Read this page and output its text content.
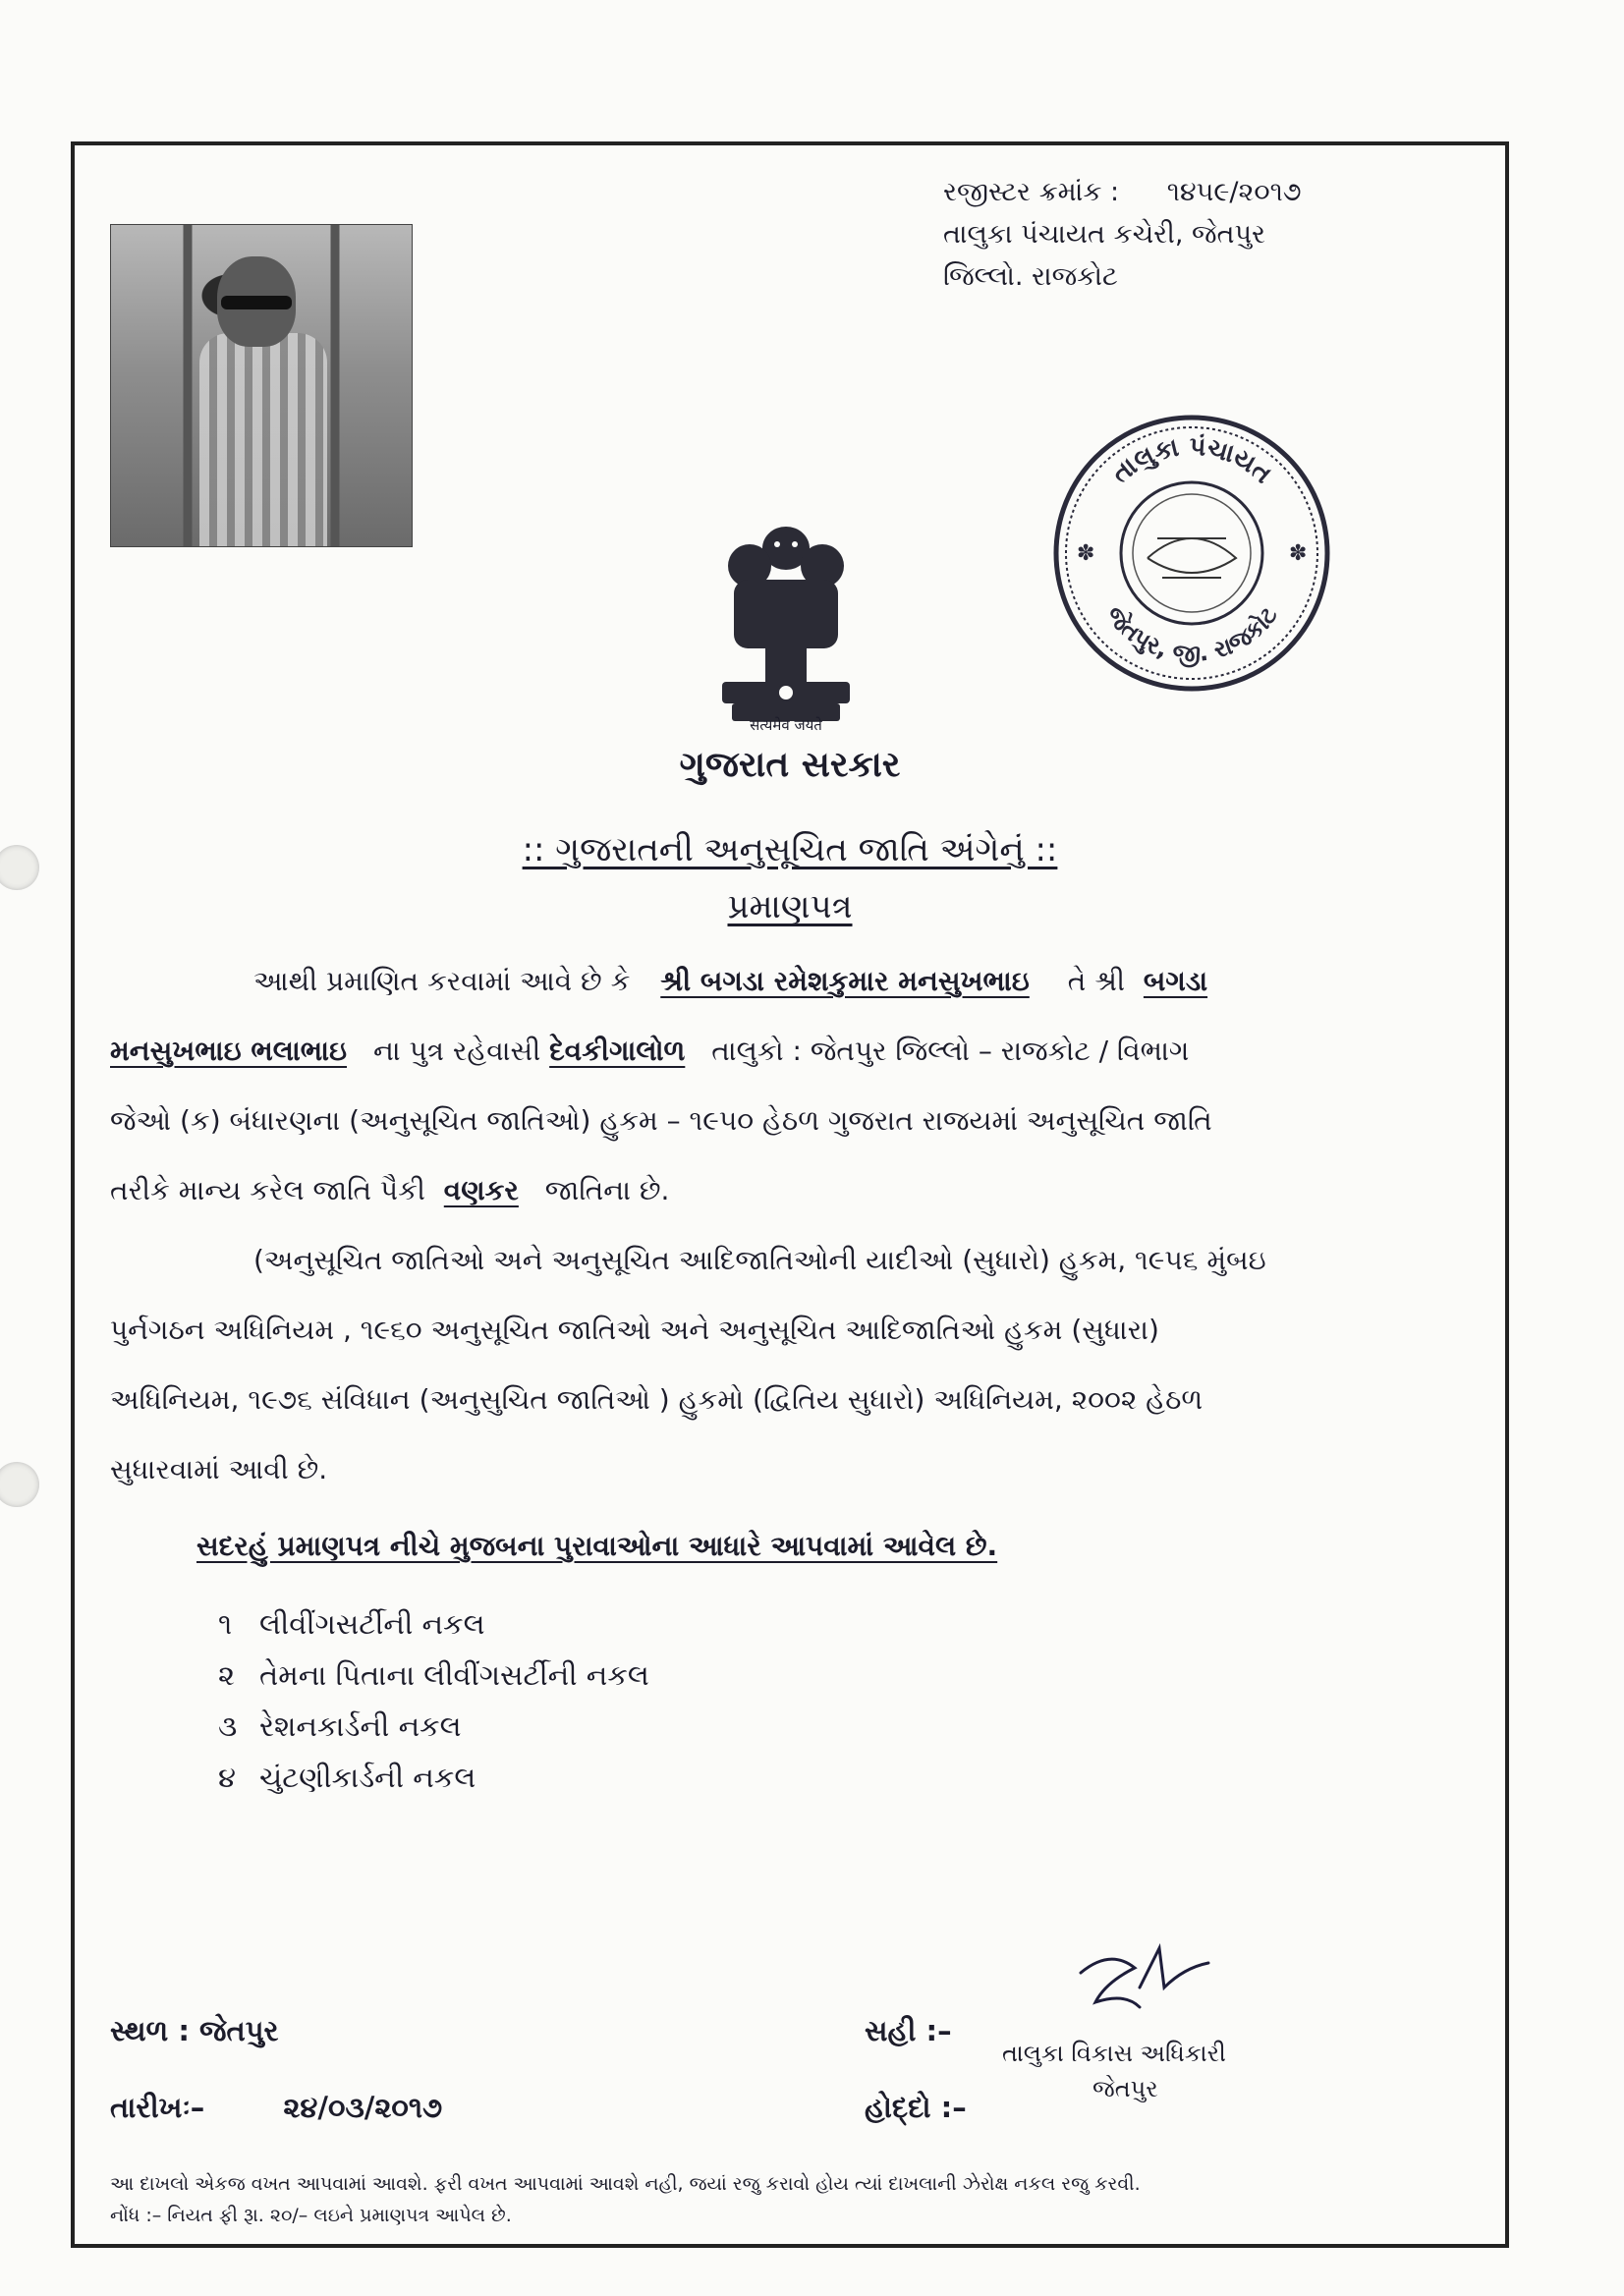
રજીસ્ટર ક્રમાંક : ૧૪૫૯/૨૦૧૭
તાલુકા પંચાયત કચેરી, જેતપુર
જિલ્લો. રાજકોટ
તાલુકા પંચાયત
જેતપુર, જી. રાજકોટ
✽	✽
सत्यमेव जयते
ગુજરાત સરકાર
:: ગુજરાતની અનુસૂચિત જાતિ અંગેનું ::
પ્રમાણપત્ર
આથી પ્રમાણિત કરવામાં આવે છે કે શ્રી બગડા રમેશકુમાર મનસુખભાઇ તે શ્રી બગડા
મનસુખભાઇ ભલાભાઇ ના પુત્ર રહેવાસી દેવકીગાલોળ તાલુકો : જેતપુર જિલ્લો – રાજકોટ / વિભાગ
જેઓ (ક) બંધારણના (અનુસૂચિત જાતિઓ) હુકમ – ૧૯૫૦ હેઠળ ગુજરાત રાજયમાં અનુસૂચિત જાતિ
તરીકે માન્ય કરેલ જાતિ પૈકી વણકર જાતિના છે.
(અનુસૂચિત જાતિઓ અને અનુસૂચિત આદિજાતિઓની યાદીઓ (સુધારો) હુકમ, ૧૯૫૬ મુંબઇ
પુર્નગઠન અધિનિયમ , ૧૯૬૦ અનુસૂચિત જાતિઓ અને અનુસૂચિત આદિજાતિઓ હુકમ (સુધારા)
અધિનિયમ, ૧૯૭૬ સંવિધાન (અનુસુચિત જાતિઓ ) હુકમો (દ્વિતિય સુધારો) અધિનિયમ, ૨૦૦૨ હેઠળ
સુધારવામાં આવી છે.
સદરહું પ્રમાણપત્ર નીચે મુજબના પુરાવાઓના આધારે આપવામાં આવેલ છે.
૧ લીવીંગસર્ટીની નકલ
૨ તેમના પિતાના લીવીંગસર્ટીની નકલ
૩ રેશનકાર્ડની નકલ
૪ ચુંટણીકાર્ડની નકલ
સ્થળ : જેતપુર
તારીખઃ–	૨૪/૦૩/૨૦૧૭
સહી :–
હોદ્દો :–
તાલુકા વિકાસ અધિકારી
જેતપુર
આ દાખલો એકજ વખત આપવામાં આવશે. ફરી વખત આપવામાં આવશે નહી, જયાં રજુ કરાવો હોય ત્યાં દાખલાની ઝેરોક્ષ નકલ રજુ કરવી.
નોંધ :– નિયત ફી રૂા. ૨૦/– લઇને પ્રમાણપત્ર આપેલ છે.
